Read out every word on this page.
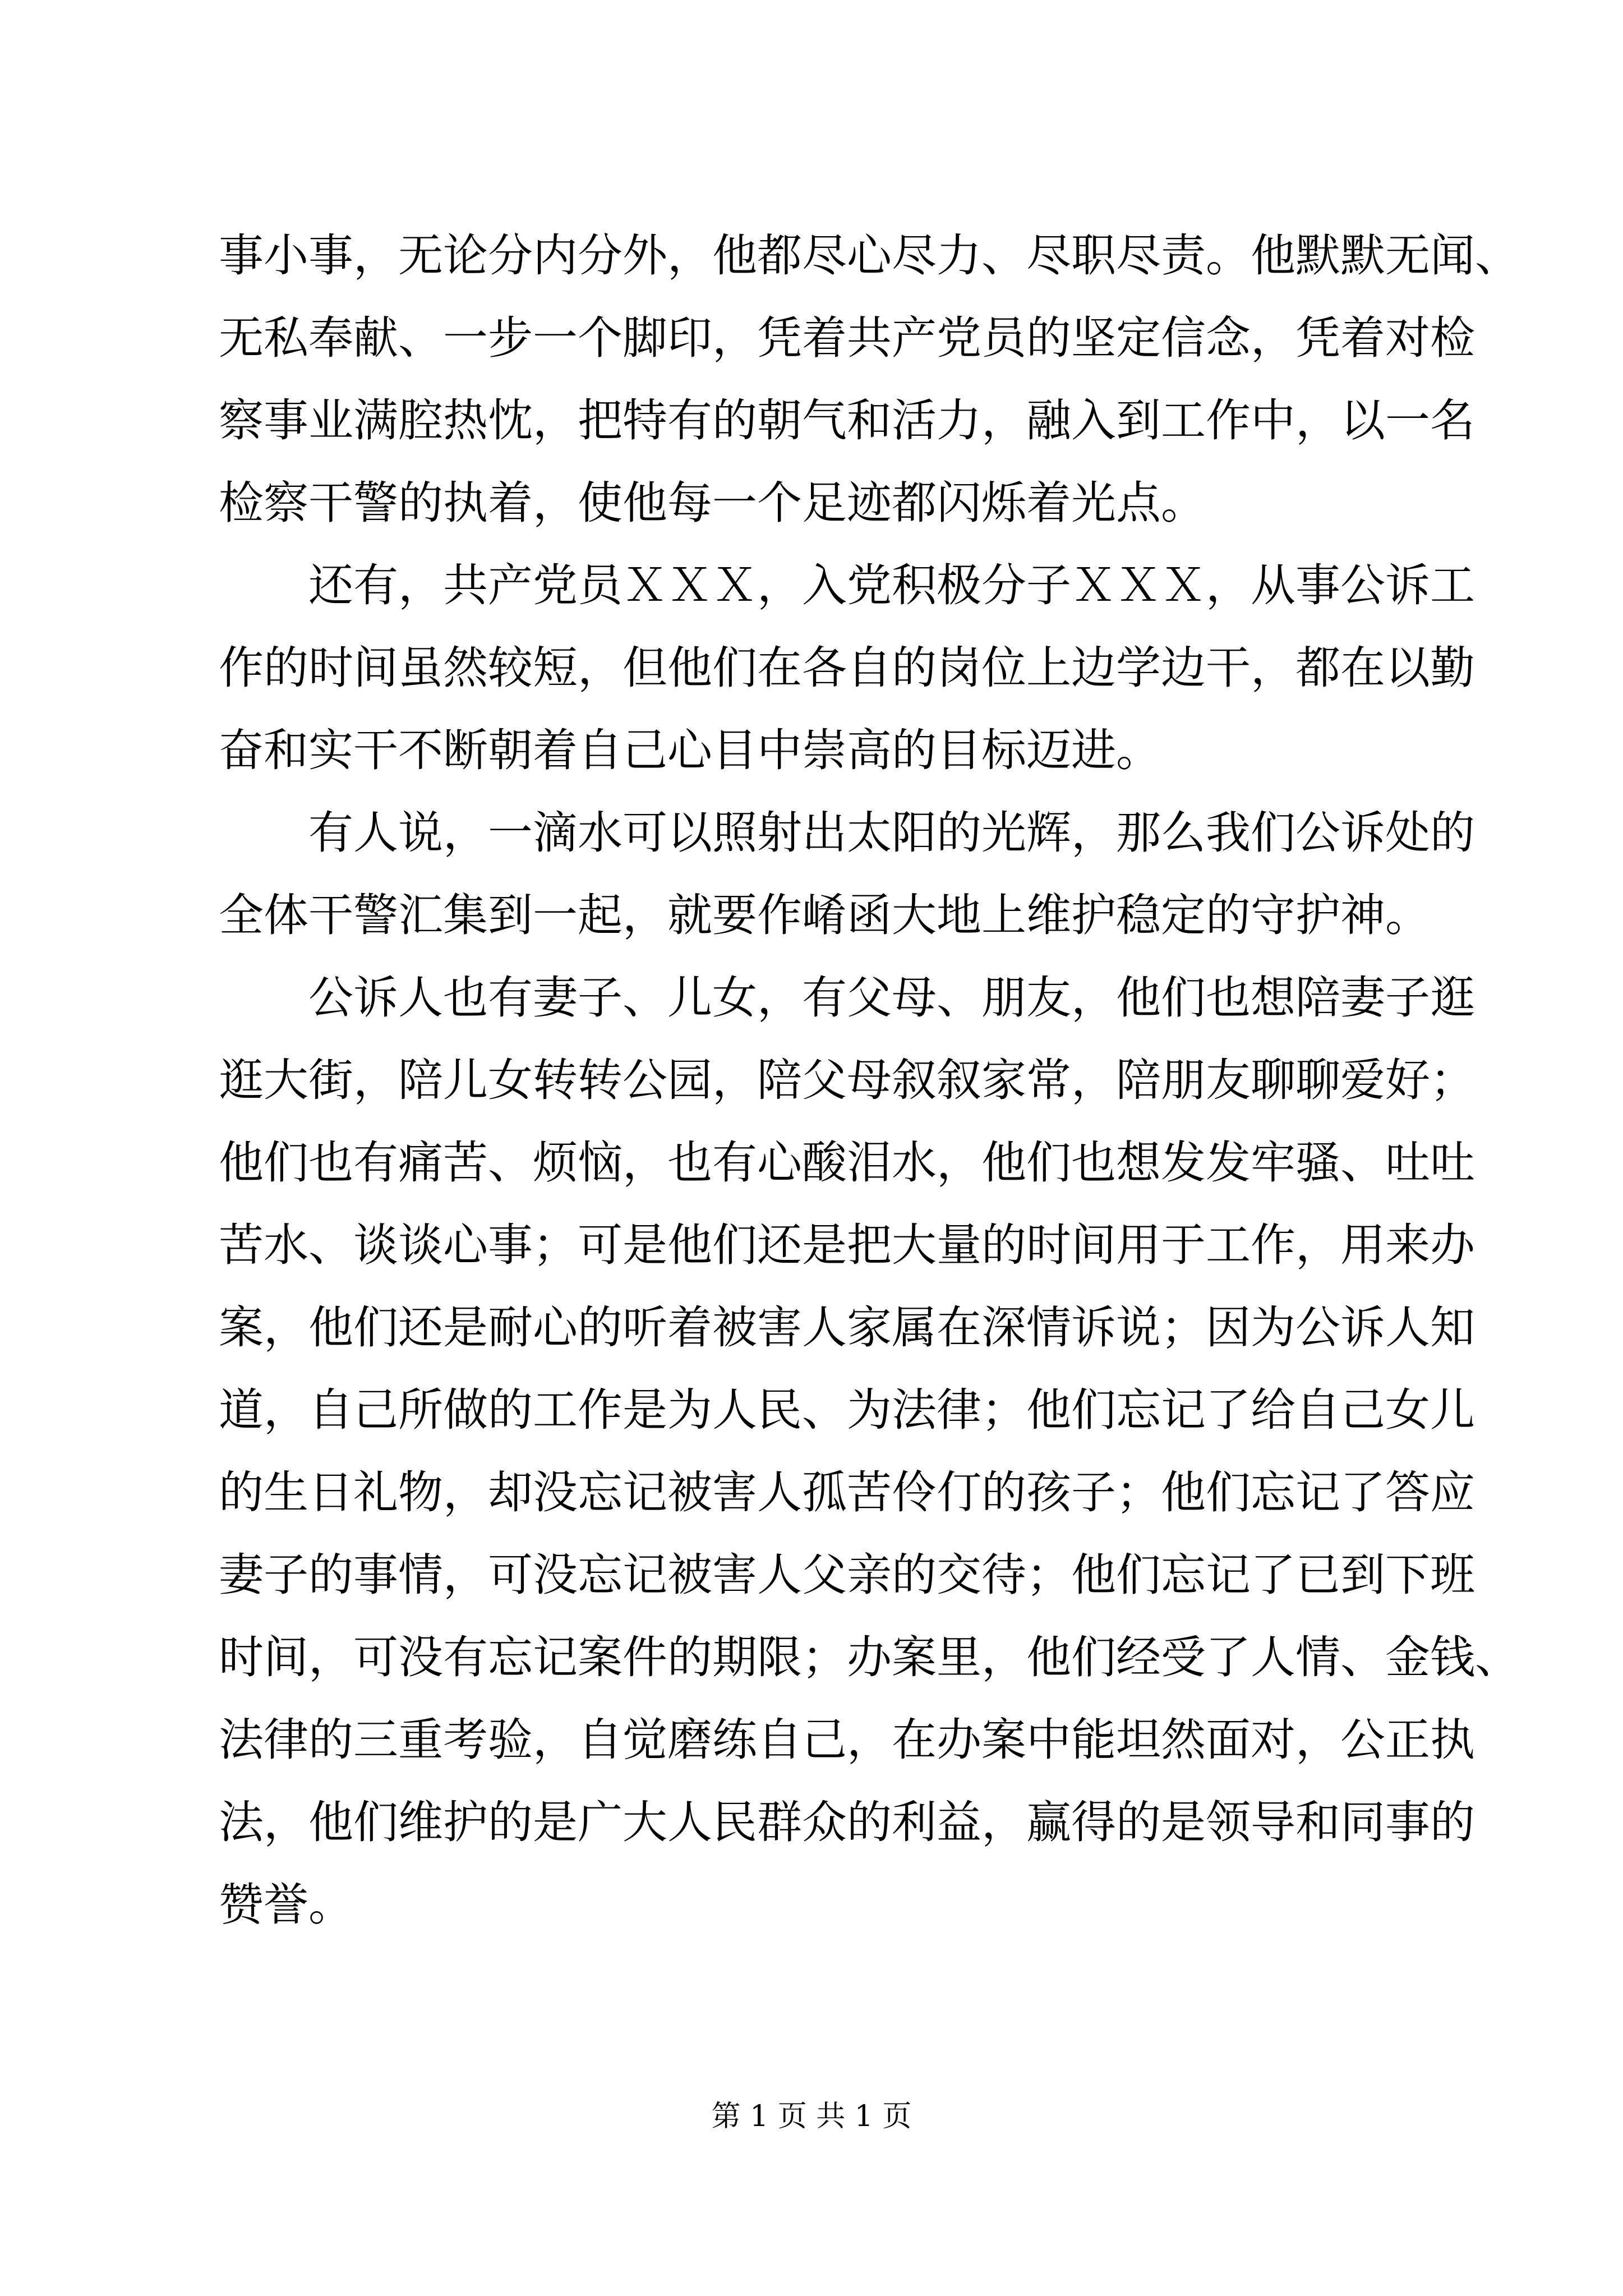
事小事，无论分内分外，他都尽心尽力、尽职尽责。他默默无闻、
无私奉献、一步一个脚印，凭着共产党员的坚定信念，凭着对检
察事业满腔热忱，把特有的朝气和活力，融入到工作中，以一名
检察干警的执着，使他每一个足迹都闪烁着光点。
还有，共产党员ＸＸＸ，入党积极分子ＸＸＸ，从事公诉工
作的时间虽然较短，但他们在各自的岗位上边学边干，都在以勤
奋和实干不断朝着自己心目中崇高的目标迈进。
有人说，一滴水可以照射出太阳的光辉，那么我们公诉处的
全体干警汇集到一起，就要作崤函大地上维护稳定的守护神。
公诉人也有妻子、儿女，有父母、朋友，他们也想陪妻子逛
逛大街，陪儿女转转公园，陪父母叙叙家常，陪朋友聊聊爱好；
他们也有痛苦、烦恼，也有心酸泪水，他们也想发发牢骚、吐吐
苦水、谈谈心事；可是他们还是把大量的时间用于工作，用来办
案，他们还是耐心的听着被害人家属在深情诉说；因为公诉人知
道，自己所做的工作是为人民、为法律；他们忘记了给自己女儿
的生日礼物，却没忘记被害人孤苦伶仃的孩子；他们忘记了答应
妻子的事情，可没忘记被害人父亲的交待；他们忘记了已到下班
时间，可没有忘记案件的期限；办案里，他们经受了人情、金钱、
法律的三重考验，自觉磨练自己，在办案中能坦然面对，公正执
法，他们维护的是广大人民群众的利益，赢得的是领导和同事的
赞誉。
第 1 页 共 1 页
